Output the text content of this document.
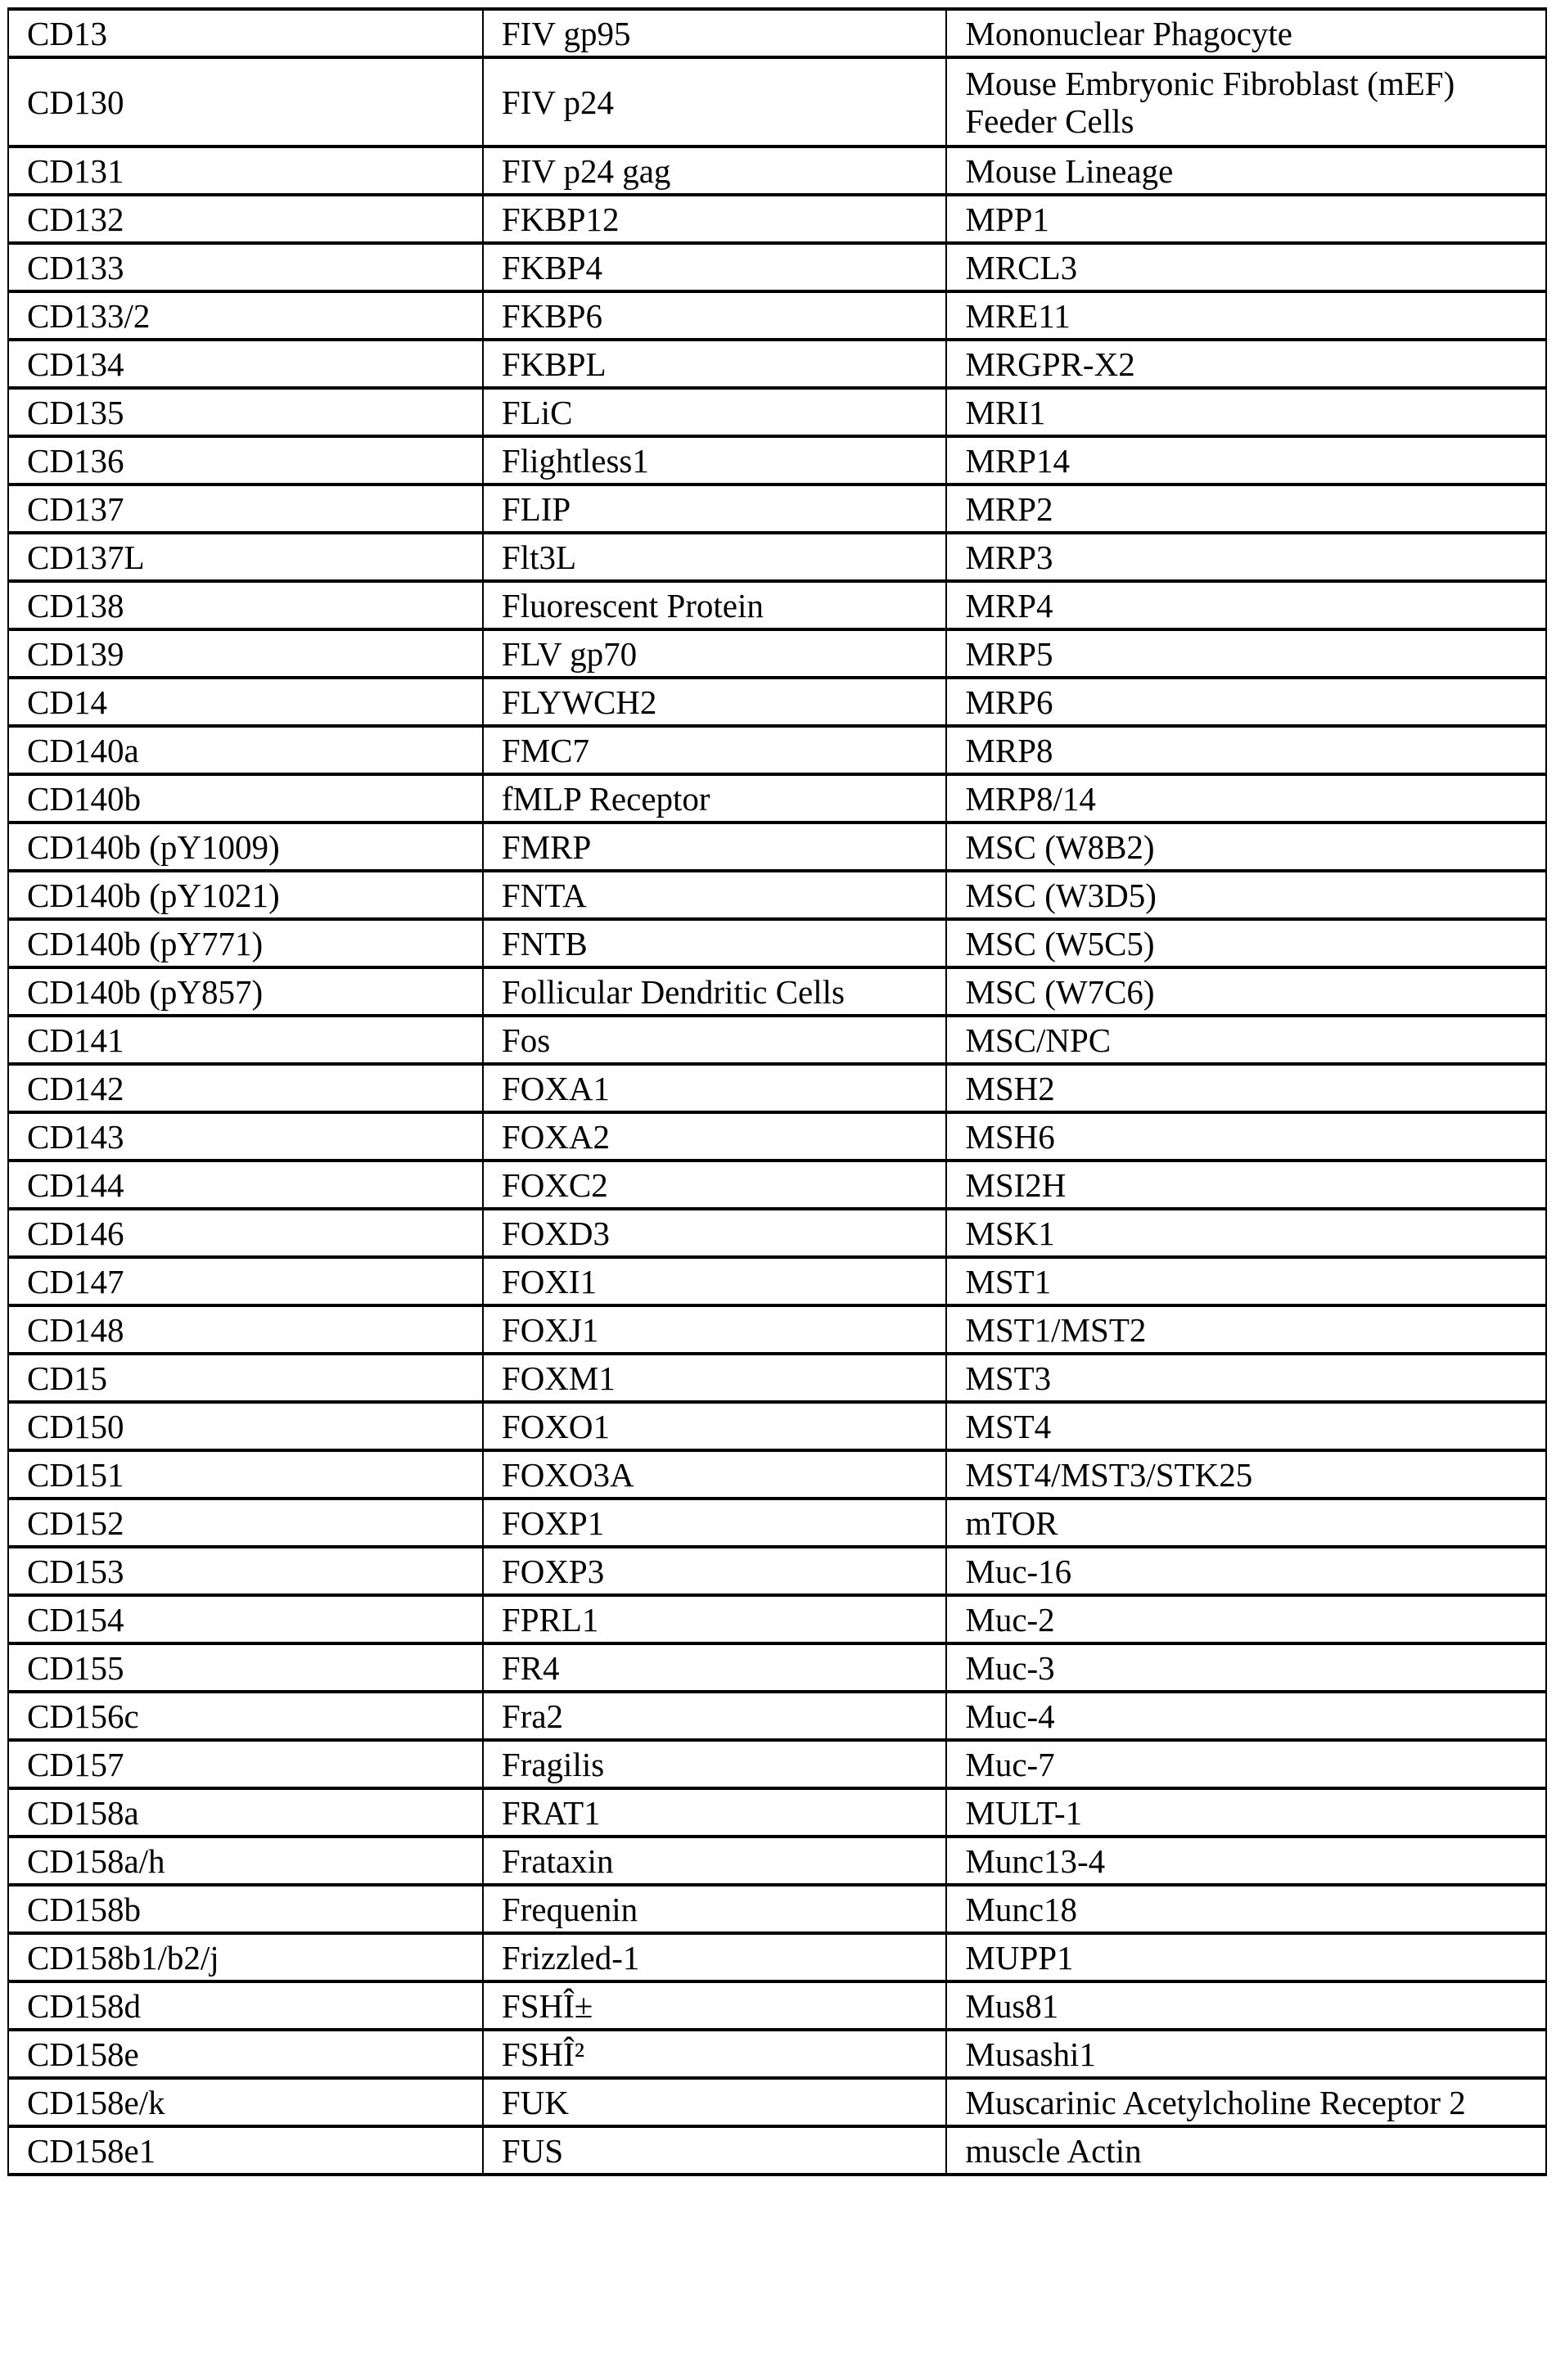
CD13	FIV gp95	Mononuclear Phagocyte
CD130	FIV p24	Mouse Embryonic Fibroblast (mEF)
Feeder Cells

CD131	FIV p24 gag	Mouse Lineage
CD132	FKBP12	MPP1
CD133	FKBP4	MRCL3
CD133/2	FKBP6	MRE11
CD134	FKBPL	MRGPR-X2
CD135	FLiC	MRI1
CD136	Flightless1	MRP14
CD137	FLIP	MRP2
CD137L	Flt3L	MRP3
CD138	Fluorescent Protein	MRP4
CD139	FLV gp70	MRP5
CD14	FLYWCH2	MRP6
CD140a	FMC7	MRP8
CD140b	fMLP Receptor	MRP8/14
CD140b (pY1009)	FMRP	MSC (W8B2)
CD140b (pY1021)	FNTA	MSC (W3D5)
CD140b (pY771)	FNTB	MSC (W5C5)
CD140b (pY857)	Follicular Dendritic Cells	MSC (W7C6)
CD141	Fos	MSC/NPC
CD142	FOXA1	MSH2
CD143	FOXA2	MSH6
CD144	FOXC2	MSI2H
CD146	FOXD3	MSK1
CD147	FOXI1	MST1
CD148	FOXJ1	MST1/MST2
CD15	FOXM1	MST3
CD150	FOXO1	MST4
CD151	FOXO3A	MST4/MST3/STK25
CD152	FOXP1	mTOR
CD153	FOXP3	Muc-16
CD154	FPRL1	Muc-2
CD155	FR4	Muc-3
CD156c	Fra2	Muc-4
CD157	Fragilis	Muc-7
CD158a	FRAT1	MULT-1
CD158a/h	Frataxin	Munc13-4
CD158b	Frequenin	Munc18
CD158b1/b2/j	Frizzled-1	MUPP1
CD158d	FSHÎ±	Mus81
CD158e	FSHÎ²	Musashi1
CD158e/k	FUK	Muscarinic Acetylcholine Receptor 2
CD158e1	FUS	muscle Actin
